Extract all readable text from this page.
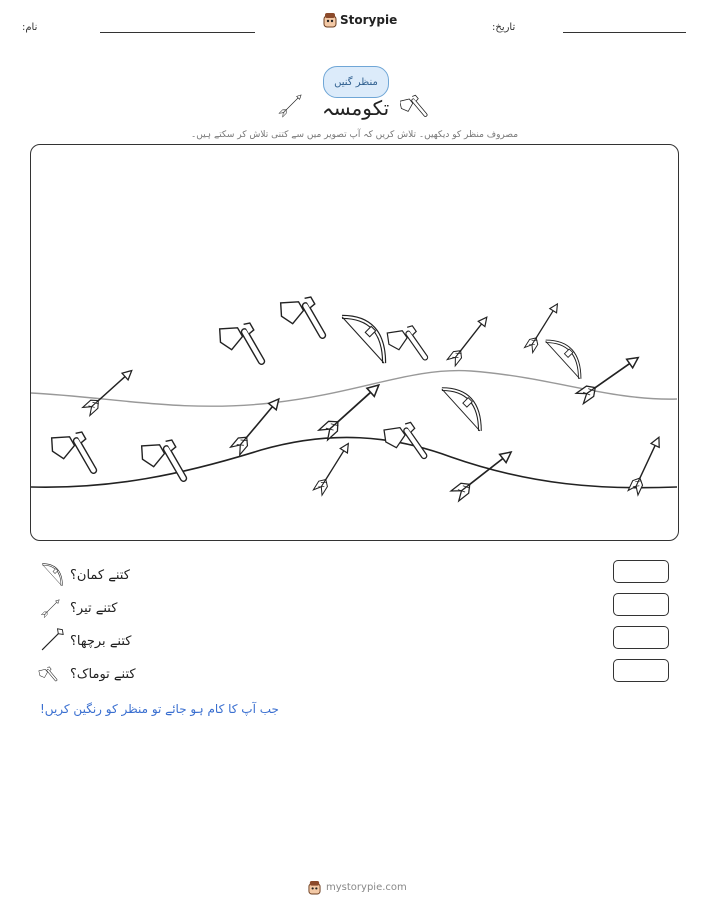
نام:
Storypie
تاریخ:
منظر گنیں
تکومسہ
مصروف منظر کو دیکھیں۔ تلاش کریں کہ آپ تصویر میں سے کتنی تلاش کر سکتے ہیں۔
کتنے کمان؟
کتنے تیر؟
کتنے برچھا؟
کتنے توماک؟
جب آپ کا کام ہو جائے تو منظر کو رنگین کریں!
mystorypie.com
